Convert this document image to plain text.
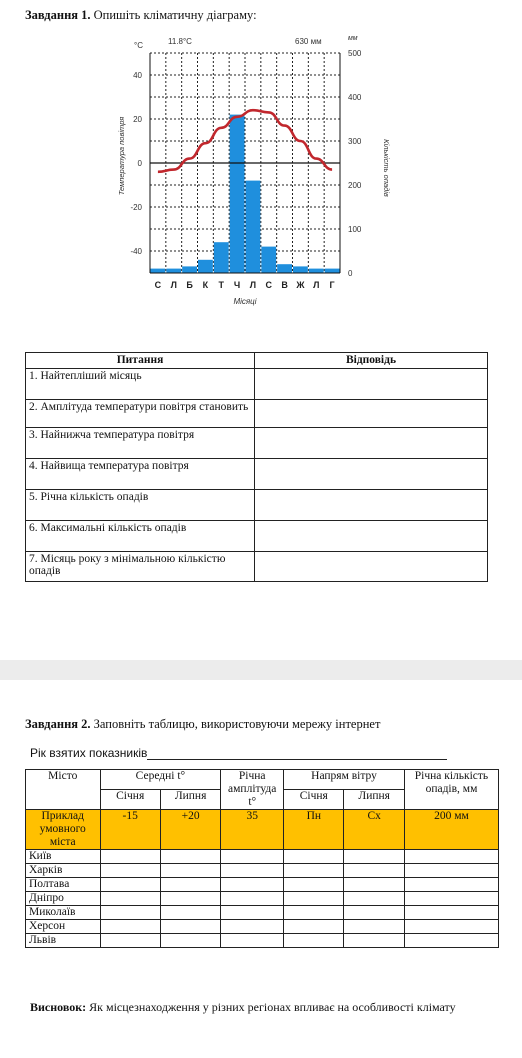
Завдання 1. Опишіть кліматичну діаграму:
40
20
0
-20
-40
500
400
300
200
100
0
С Л Б К Т Ч Л С В Ж Л Г
°C	11.8°C	630 мм	мм
Температура повітря	Кількість опадів
Місяці
Питання	Відповідь
1. Найтепліший місяць	
2. Амплітуда температури повітря становить	
3. Найнижча температура повітря	
4. Найвища температура повітря	
5. Річна кількість опадів	
6. Максимальні кількість опадів	
7. Місяць року з мінімальною кількістю опадів	
Завдання 2. Заповніть таблицю, використовуючи мережу інтернет
Рік взятих показників
Місто	Середні t°		Річна амплітуда t°	Напрям вітру		Річна кількість опадів, мм
	Січня	Липня		Січня	Липня	
Приклад умовного міста	-15	+20	35	Пн	Сх	200 мм
Київ						
Харків						
Полтава						
Дніпро						
Миколаїв						
Херсон						
Львів						
Висновок: Як місцезнаходження у різних регіонах впливає на особливості клімату
